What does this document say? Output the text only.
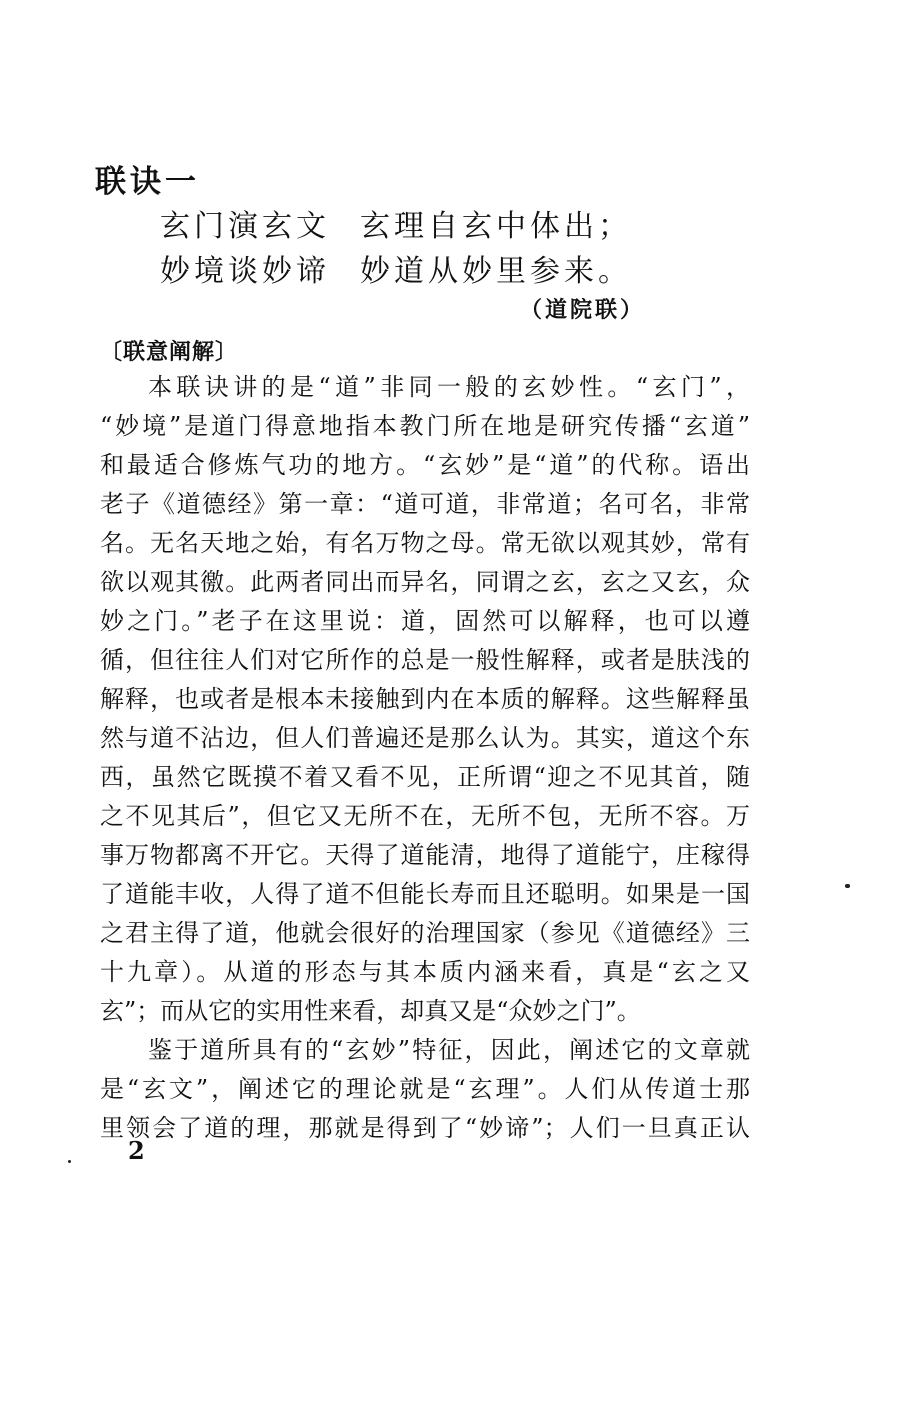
联诀一
玄门演玄文 玄理自玄中体出；
妙境谈妙谛 妙道从妙里参来。
（道院联）
〔联意阐解〕
本联诀讲的是“道”非同一般的玄妙性。“玄门”，
“妙境”是道门得意地指本教门所在地是研究传播“玄道”
和最适合修炼气功的地方。“玄妙”是“道”的代称。语出
老子《道德经》第一章：“道可道，非常道；名可名，非常
名。无名天地之始，有名万物之母。常无欲以观其妙，常有
欲以观其徼。此两者同出而异名，同谓之玄，玄之又玄，众
妙之门。”老子在这里说：道，固然可以解释，也可以遵
循，但往往人们对它所作的总是一般性解释，或者是肤浅的
解释，也或者是根本未接触到内在本质的解释。这些解释虽
然与道不沾边，但人们普遍还是那么认为。其实，道这个东
西，虽然它既摸不着又看不见，正所谓“迎之不见其首，随
之不见其后”，但它又无所不在，无所不包，无所不容。万
事万物都离不开它。天得了道能清，地得了道能宁，庄稼得
了道能丰收，人得了道不但能长寿而且还聪明。如果是一国
之君主得了道，他就会很好的治理国家（参见《道德经》三
十九章）。从道的形态与其本质内涵来看，真是“玄之又
玄”；而从它的实用性来看，却真又是“众妙之门”。
鉴于道所具有的“玄妙”特征，因此，阐述它的文章就
是“玄文”，阐述它的理论就是“玄理”。人们从传道士那
里领会了道的理，那就是得到了“妙谛”；人们一旦真正认
2
